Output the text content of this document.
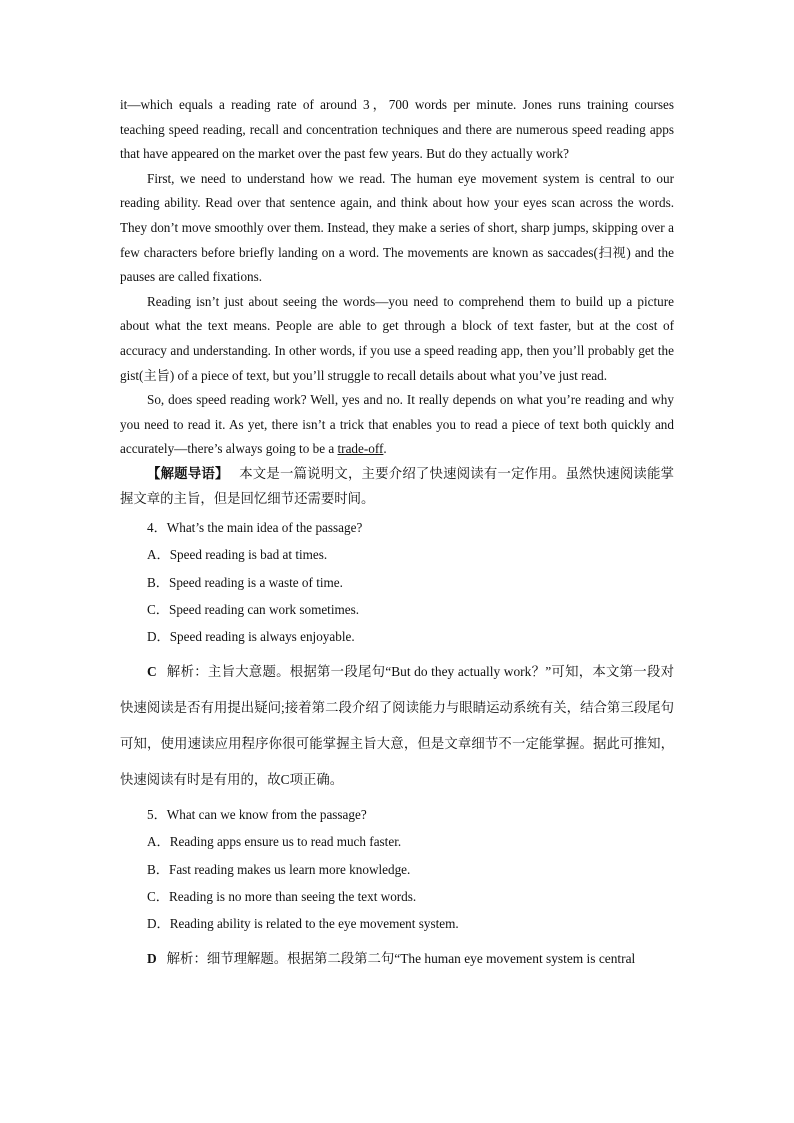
it—which equals a reading rate of around 3，700 words per minute. Jones runs training courses teaching speed reading, recall and concentration techniques and there are numerous speed reading apps that have appeared on the market over the past few years. But do they actually work?

First, we need to understand how we read. The human eye movement system is central to our reading ability. Read over that sentence again, and think about how your eyes scan across the words. They don’t move smoothly over them. Instead, they make a series of short, sharp jumps, skipping over a few characters before briefly landing on a word. The movements are known as saccades(扫视) and the pauses are called fixations.

Reading isn’t just about seeing the words—you need to comprehend them to build up a picture about what the text means. People are able to get through a block of text faster, but at the cost of accuracy and understanding. In other words, if you use a speed reading app, then you’ll probably get the gist(主旨) of a piece of text, but you’ll struggle to recall details about what you’ve just read.

So, does speed reading work? Well, yes and no. It really depends on what you’re reading and why you need to read it. As yet, there isn’t a trick that enables you to read a piece of text both quickly and accurately—there’s always going to be a trade-off.

【解题导语】 本文是一篇说明文，主要介绍了快速阅读有一定作用。虽然快速阅读能掌握文章的主旨，但是回忆细节还需要时间。

4．What’s the main idea of the passage?

A．Speed reading is bad at times.

B．Speed reading is a waste of time.

C．Speed reading can work sometimes.

D．Speed reading is always enjoyable.

C 解析：主旨大意题。根据第一段尾句“But do they actually work？”可知，本文第一段对快速阅读是否有用提出疑问;接着第二段介绍了阅读能力与眼睛运动系统有关，结合第三段尾句可知，使用速读应用程序你很可能掌握主旨大意，但是文章细节不一定能掌握。据此可推知，快速阅读有时是有用的，故C项正确。

5．What can we know from the passage?

A．Reading apps ensure us to read much faster.

B．Fast reading makes us learn more knowledge.

C．Reading is no more than seeing the text words.

D．Reading ability is related to the eye movement system.

D 解析：细节理解题。根据第二段第二句“The human eye movement system is central
